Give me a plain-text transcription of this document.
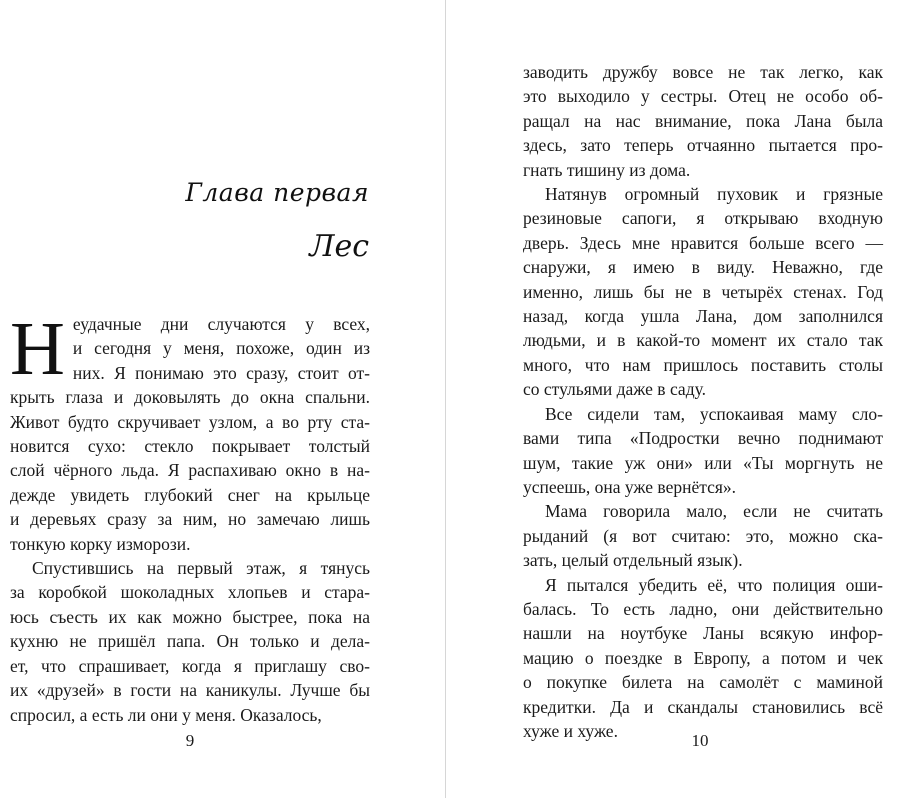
Глава первая
Лес
Н еудачные дни случаются у всех,
и сегодня у меня, похоже, один из
них. Я понимаю это сразу, стоит от-
крыть глаза и доковылять до окна спальни.
Живот будто скручивает узлом, а во рту ста-
новится сухо: стекло покрывает толстый
слой чёрного льда. Я распахиваю окно в на-
дежде увидеть глубокий снег на крыльце
и деревьях сразу за ним, но замечаю лишь
тонкую корку изморози.
Спустившись на первый этаж, я тянусь
за коробкой шоколадных хлопьев и стара-
юсь съесть их как можно быстрее, пока на
кухню не пришёл папа. Он только и дела-
ет, что спрашивает, когда я приглашу сво-
их «друзей» в гости на каникулы. Лучше бы
спросил, а есть ли они у меня. Оказалось,
9
заводить дружбу вовсе не так легко, как
это выходило у сестры. Отец не особо об-
ращал на нас внимание, пока Лана была
здесь, зато теперь отчаянно пытается про-
гнать тишину из дома.
Натянув огромный пуховик и грязные
резиновые сапоги, я открываю входную
дверь. Здесь мне нравится больше всего —
снаружи, я имею в виду. Неважно, где
именно, лишь бы не в четырёх стенах. Год
назад, когда ушла Лана, дом заполнился
людьми, и в какой-то момент их стало так
много, что нам пришлось поставить столы
со стульями даже в саду.
Все сидели там, успокаивая маму сло-
вами типа «Подростки вечно поднимают
шум, такие уж они» или «Ты моргнуть не
успеешь, она уже вернётся».
Мама говорила мало, если не считать
рыданий (я вот считаю: это, можно ска-
зать, целый отдельный язык).
Я пытался убедить её, что полиция оши-
балась. То есть ладно, они действительно
нашли на ноутбуке Ланы всякую инфор-
мацию о поездке в Европу, а потом и чек
о покупке билета на самолёт с маминой
кредитки. Да и скандалы становились всё
хуже и хуже.	10
